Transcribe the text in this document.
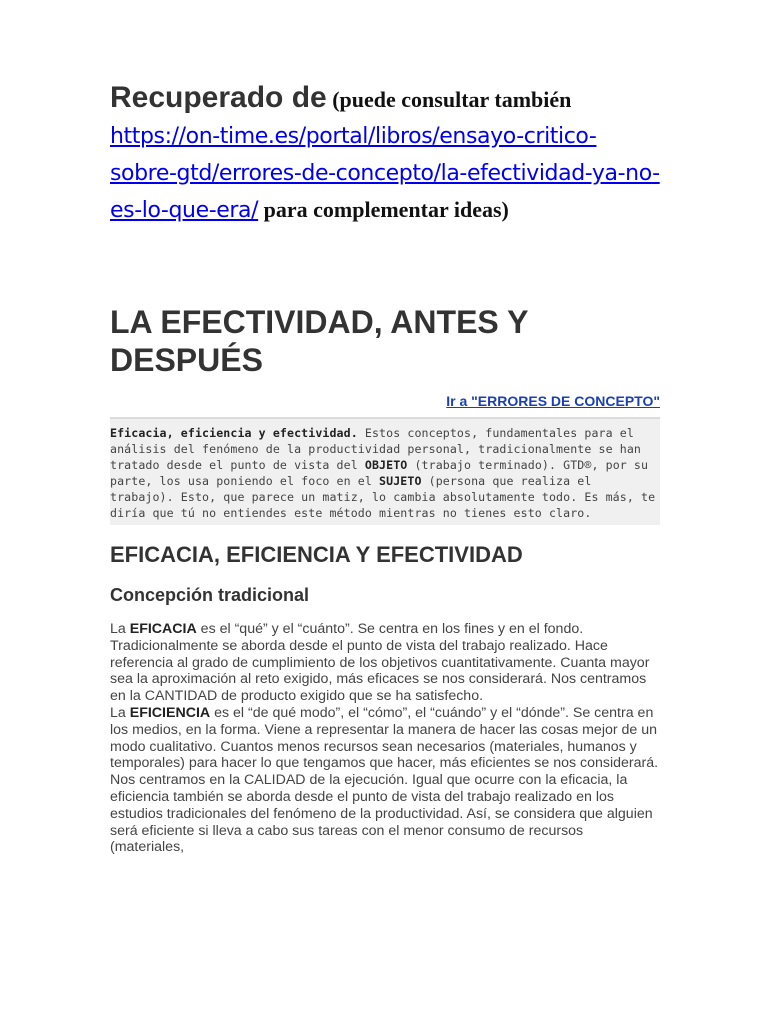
Recuperado de (puede consultar también
https://on-time.es/portal/libros/ensayo-critico-sobre-gtd/errores-de-concepto/la-efectividad-ya-no-es-lo-que-era/ para complementar ideas)
LA EFECTIVIDAD, ANTES Y DESPUÉS
Ir a "ERRORES DE CONCEPTO"
Eficacia, eficiencia y efectividad. Estos conceptos, fundamentales para el análisis del fenómeno de la productividad personal, tradicionalmente se han tratado desde el punto de vista del OBJETO (trabajo terminado). GTD®, por su parte, los usa poniendo el foco en el SUJETO (persona que realiza el trabajo). Esto, que parece un matiz, lo cambia absolutamente todo. Es más, te diría que tú no entiendes este método mientras no tienes esto claro.
EFICACIA, EFICIENCIA Y EFECTIVIDAD
Concepción tradicional
La EFICACIA es el “qué” y el “cuánto”. Se centra en los fines y en el fondo. Tradicionalmente se aborda desde el punto de vista del trabajo realizado. Hace referencia al grado de cumplimiento de los objetivos cuantitativamente. Cuanta mayor sea la aproximación al reto exigido, más eficaces se nos considerará. Nos centramos en la CANTIDAD de producto exigido que se ha satisfecho.
La EFICIENCIA es el “de qué modo”, el “cómo”, el “cuándo” y el “dónde”. Se centra en los medios, en la forma. Viene a representar la manera de hacer las cosas mejor de un modo cualitativo. Cuantos menos recursos sean necesarios (materiales, humanos y temporales) para hacer lo que tengamos que hacer, más eficientes se nos considerará. Nos centramos en la CALIDAD de la ejecución. Igual que ocurre con la eficacia, la eficiencia también se aborda desde el punto de vista del trabajo realizado en los estudios tradicionales del fenómeno de la productividad. Así, se considera que alguien será eficiente si lleva a cabo sus tareas con el menor consumo de recursos (materiales,
